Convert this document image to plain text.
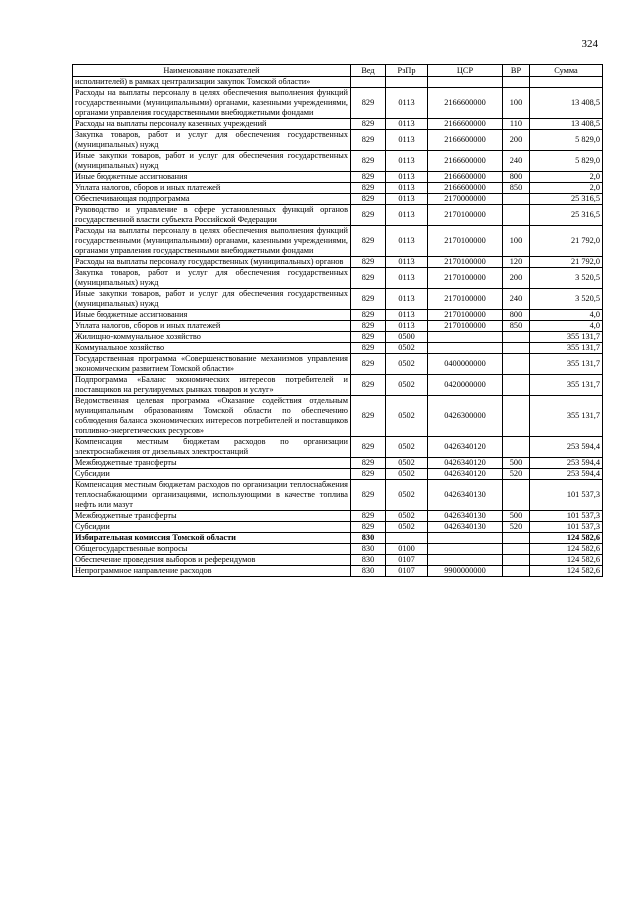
324
Наименование показателей	Вед	РзПр	ЦСР	ВР	Сумма
исполнителей) в рамках централизации закупок Томской области»					
Расходы на выплаты персоналу в целях обеспечения выполнения функций государственными (муниципальными) органами, казенными учреждениями, органами управления государственными внебюджетными фондами	829	0113	2166600000	100	13 408,5
Расходы на выплаты персоналу казенных учреждений	829	0113	2166600000	110	13 408,5
Закупка товаров, работ и услуг для обеспечения государственных (муниципальных) нужд	829	0113	2166600000	200	5 829,0
Иные закупки товаров, работ и услуг для обеспечения государственных (муниципальных) нужд	829	0113	2166600000	240	5 829,0
Иные бюджетные ассигнования	829	0113	2166600000	800	2,0
Уплата налогов, сборов и иных платежей	829	0113	2166600000	850	2,0
Обеспечивающая подпрограмма	829	0113	2170000000		25 316,5
Руководство и управление в сфере установленных функций органов государственной власти субъекта Российской Федерации	829	0113	2170100000		25 316,5
Расходы на выплаты персоналу в целях обеспечения выполнения функций государственными (муниципальными) органами, казенными учреждениями, органами управления государственными внебюджетными фондами	829	0113	2170100000	100	21 792,0
Расходы на выплаты персоналу государственных (муниципальных) органов	829	0113	2170100000	120	21 792,0
Закупка товаров, работ и услуг для обеспечения государственных (муниципальных) нужд	829	0113	2170100000	200	3 520,5
Иные закупки товаров, работ и услуг для обеспечения государственных (муниципальных) нужд	829	0113	2170100000	240	3 520,5
Иные бюджетные ассигнования	829	0113	2170100000	800	4,0
Уплата налогов, сборов и иных платежей	829	0113	2170100000	850	4,0
Жилищно-коммунальное хозяйство	829	0500			355 131,7
Коммунальное хозяйство	829	0502			355 131,7
Государственная программа «Совершенствование механизмов управления экономическим развитием Томской области»	829	0502	0400000000		355 131,7
Подпрограмма «Баланс экономических интересов потребителей и поставщиков на регулируемых рынках товаров и услуг»	829	0502	0420000000		355 131,7
Ведомственная целевая программа «Оказание содействия отдельным муниципальным образованиям Томской области по обеспечению соблюдения баланса экономических интересов потребителей и поставщиков топливно-энергетических ресурсов»	829	0502	0426300000		355 131,7
Компенсация местным бюджетам расходов по организации электроснабжения от дизельных электростанций	829	0502	0426340120		253 594,4
Межбюджетные трансферты	829	0502	0426340120	500	253 594,4
Субсидии	829	0502	0426340120	520	253 594,4
Компенсация местным бюджетам расходов по организации теплоснабжения теплоснабжающими организациями, использующими в качестве топлива нефть или мазут	829	0502	0426340130		101 537,3
Межбюджетные трансферты	829	0502	0426340130	500	101 537,3
Субсидии	829	0502	0426340130	520	101 537,3
Избирательная комиссия Томской области	830				124 582,6
Общегосударственные вопросы	830	0100			124 582,6
Обеспечение проведения выборов и референдумов	830	0107			124 582,6
Непрограммное направление расходов	830	0107	9900000000		124 582,6
